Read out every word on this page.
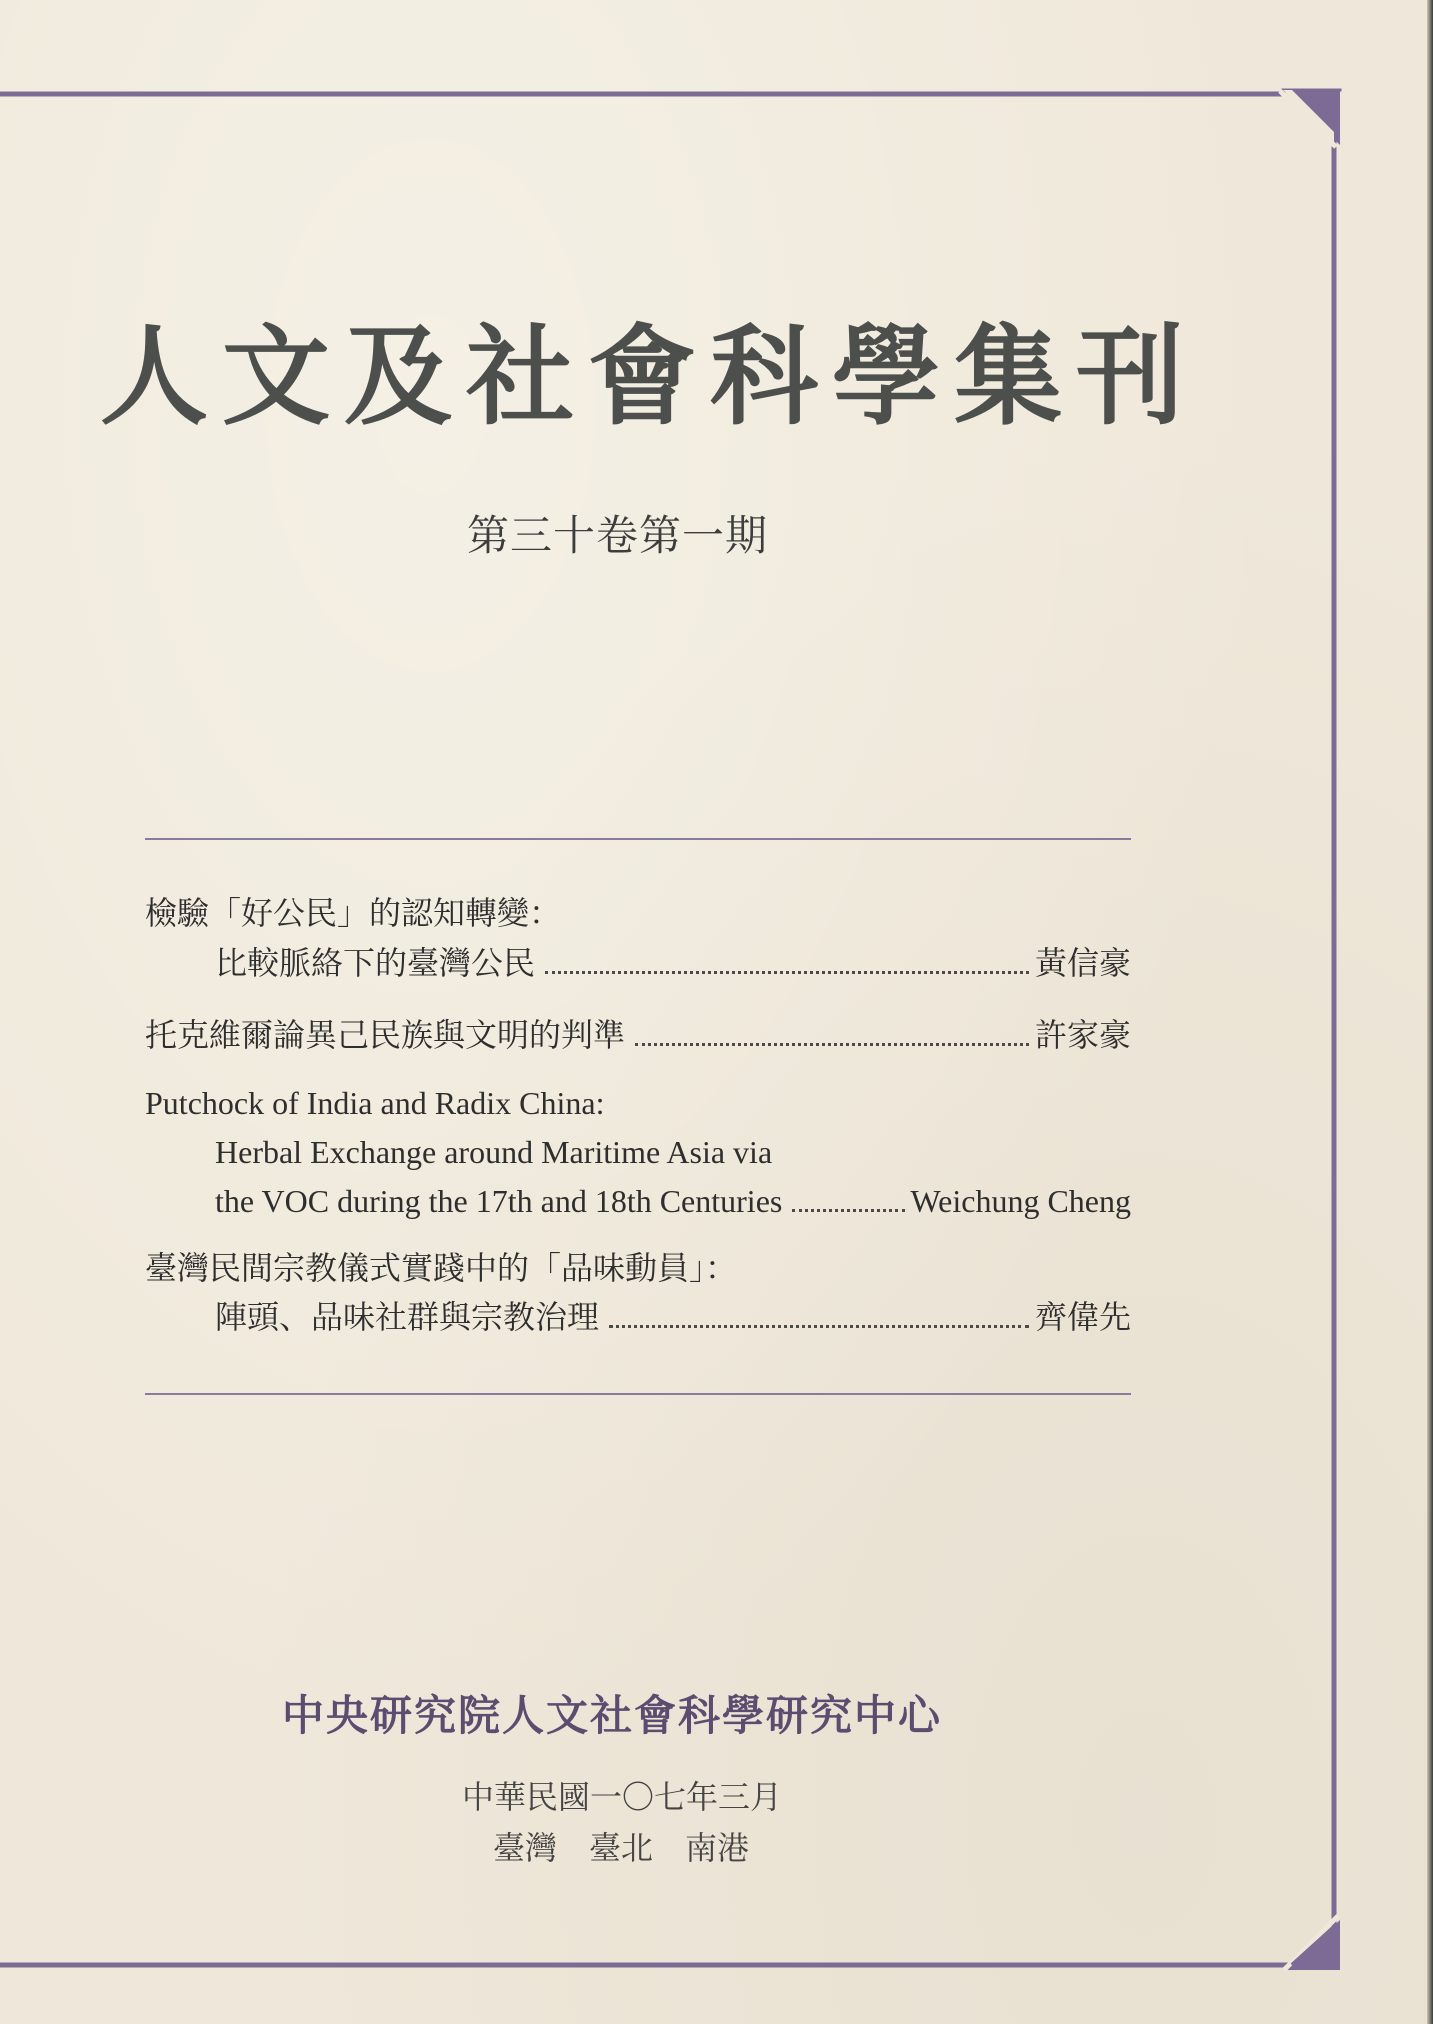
人文及社會科學集刊
第三十卷第一期
檢驗「好公民」的認知轉變：
比較脈絡下的臺灣公民	黃信豪
托克維爾論異己民族與文明的判準	許家豪
Putchock of India and Radix China:
Herbal Exchange around Maritime Asia via
the VOC during the 17th and 18th Centuries	Weichung Cheng
臺灣民間宗教儀式實踐中的「品味動員」：
陣頭、品味社群與宗教治理	齊偉先
中央研究院人文社會科學研究中心
中華民國一〇七年三月
臺灣　臺北　南港
